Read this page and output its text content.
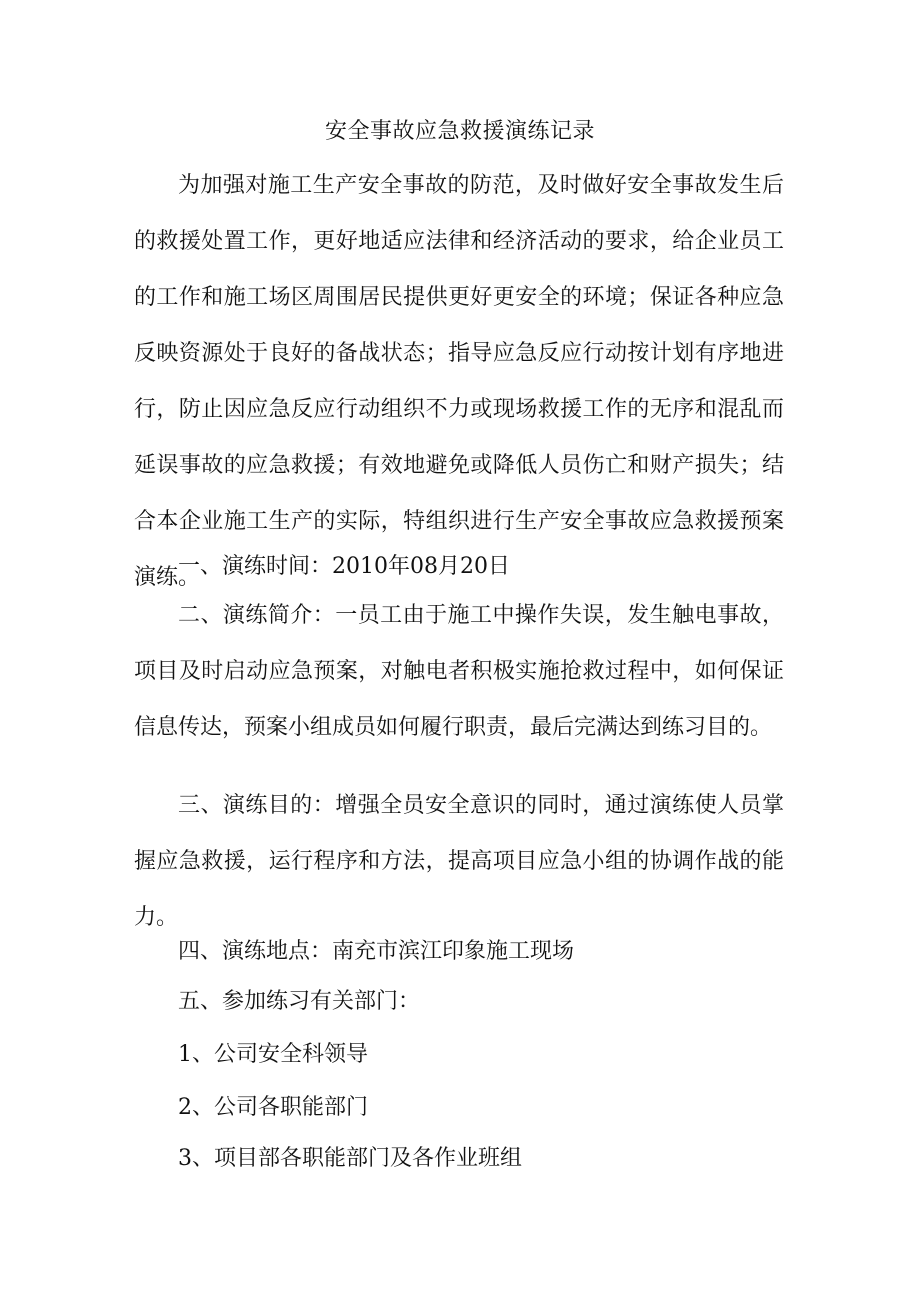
安全事故应急救援演练记录

为加强对施工生产安全事故的防范，及时做好安全事故发生后的救援处置工作，更好地适应法律和经济活动的要求，给企业员工的工作和施工场区周围居民提供更好更安全的环境；保证各种应急反映资源处于良好的备战状态；指导应急反应行动按计划有序地进行，防止因应急反应行动组织不力或现场救援工作的无序和混乱而延误事故的应急救援；有效地避免或降低人员伤亡和财产损失；结合本企业施工生产的实际，特组织进行生产安全事故应急救援预案演练。

一、演练时间：2010年08月20日

二、演练简介：一员工由于施工中操作失误，发生触电事故，项目及时启动应急预案，对触电者积极实施抢救过程中，如何保证信息传达，预案小组成员如何履行职责，最后完满达到练习目的。

三、演练目的：增强全员安全意识的同时，通过演练使人员掌握应急救援，运行程序和方法，提高项目应急小组的协调作战的能力。

四、演练地点：南充市滨江印象施工现场

五、参加练习有关部门：

1、公司安全科领导

2、公司各职能部门

3、项目部各职能部门及各作业班组
